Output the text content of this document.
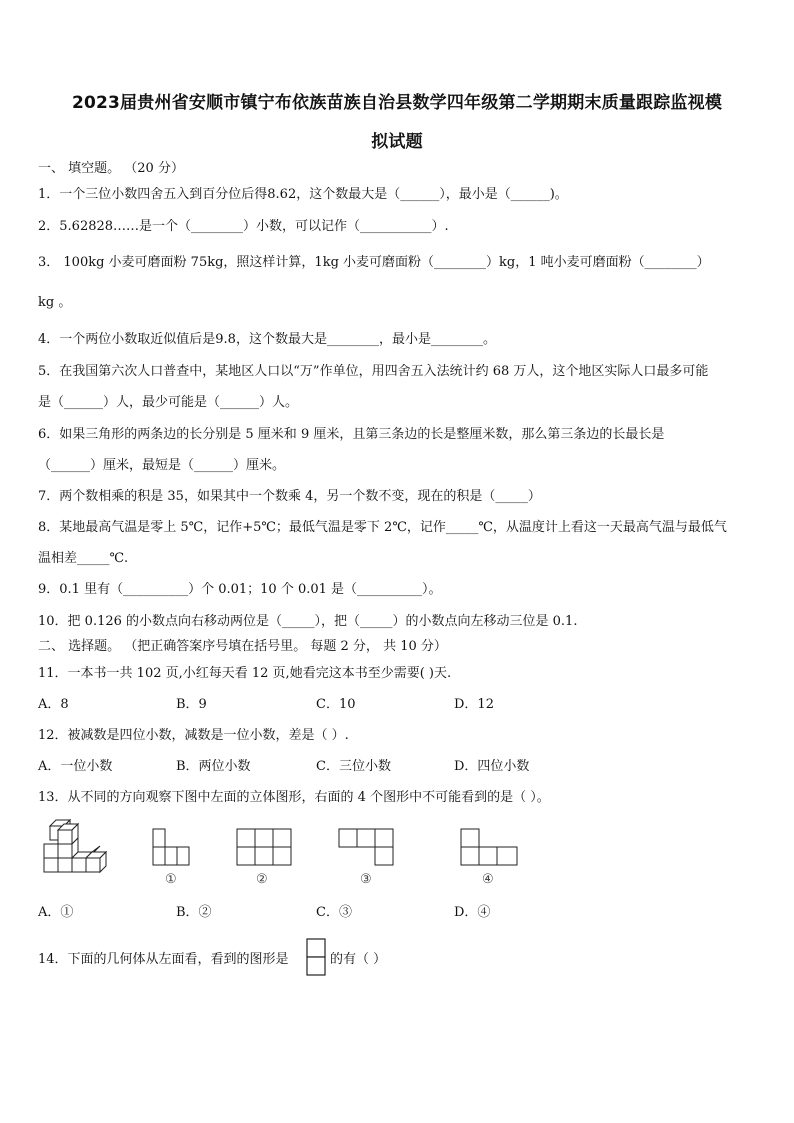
2023届贵州省安顺市镇宁布依族苗族自治县数学四年级第二学期期末质量跟踪监视模
拟试题
一、 填空题。 （20 分）
1．一个三位小数四舍五入到百分位后得8.62，这个数最大是（______），最小是（______)。
2．5.62828……是一个（________）小数，可以记作（___________）.
3． 100kg 小麦可磨面粉 75kg，照这样计算，1kg 小麦可磨面粉（________）kg，1 吨小麦可磨面粉（________）
kg 。
4．一个两位小数取近似值后是9.8，这个数最大是________，最小是________。
5．在我国第六次人口普查中，某地区人口以“万”作单位，用四舍五入法统计约 68 万人，这个地区实际人口最多可能
是（______）人，最少可能是（______）人。
6．如果三角形的两条边的长分别是 5 厘米和 9 厘米，且第三条边的长是整厘米数，那么第三条边的长最长是
（______）厘米，最短是（______）厘米。
7．两个数相乘的积是 35，如果其中一个数乘 4，另一个数不变，现在的积是（_____）
8．某地最高气温是零上 5℃，记作+5℃；最低气温是零下 2℃，记作_____℃，从温度计上看这一天最高气温与最低气
温相差_____℃.
9．0.1 里有（__________）个 0.01；10 个 0.01 是（__________）。
10．把 0.126 的小数点向右移动两位是（_____），把（_____）的小数点向左移动三位是 0.1.
二、 选择题。 （把正确答案序号填在括号里。 每题 2 分， 共 10 分）
11．一本书一共 102 页,小红每天看 12 页,她看完这本书至少需要( )天.
A．8	B．9	C．10	D．12
12．被减数是四位小数，减数是一位小数，差是（ ）.
A．一位小数	B．两位小数	C．三位小数	D．四位小数
13．从不同的方向观察下图中左面的立体图形，右面的 4 个图形中不可能看到的是（ ）。
①	②	③	④
A．①	B．②	C．③	D．④
14．下面的几何体从左面看，看到的图形是	的有（ ）
